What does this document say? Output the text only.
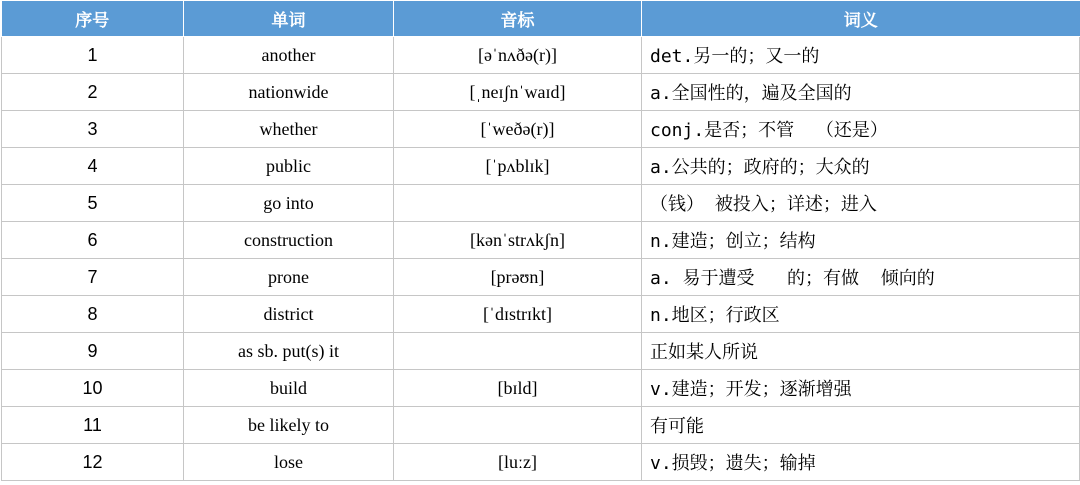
序号	单词	音标	词义
1	another	[əˈnʌðə(r)]	det.另一的；又一的
2	nationwide	[ˌneɪʃnˈwaɪd]	a.全国性的，遍及全国的
3	whether	[ˈweðə(r)]	conj.是否；不管  （还是）
4	public	[ˈpʌblɪk]	a.公共的；政府的；大众的
5	go into		（钱） 被投入；详述；进入
6	construction	[kənˈstrʌkʃn]	n.建造；创立；结构
7	prone	[prəʊn]	a. 易于遭受   的；有做  倾向的
8	district	[ˈdɪstrɪkt]	n.地区；行政区
9	as sb. put(s) it		正如某人所说
10	build	[bɪld]	v.建造；开发；逐渐增强
11	be likely to		有可能
12	lose	[luːz]	v.损毁；遗失；输掉
